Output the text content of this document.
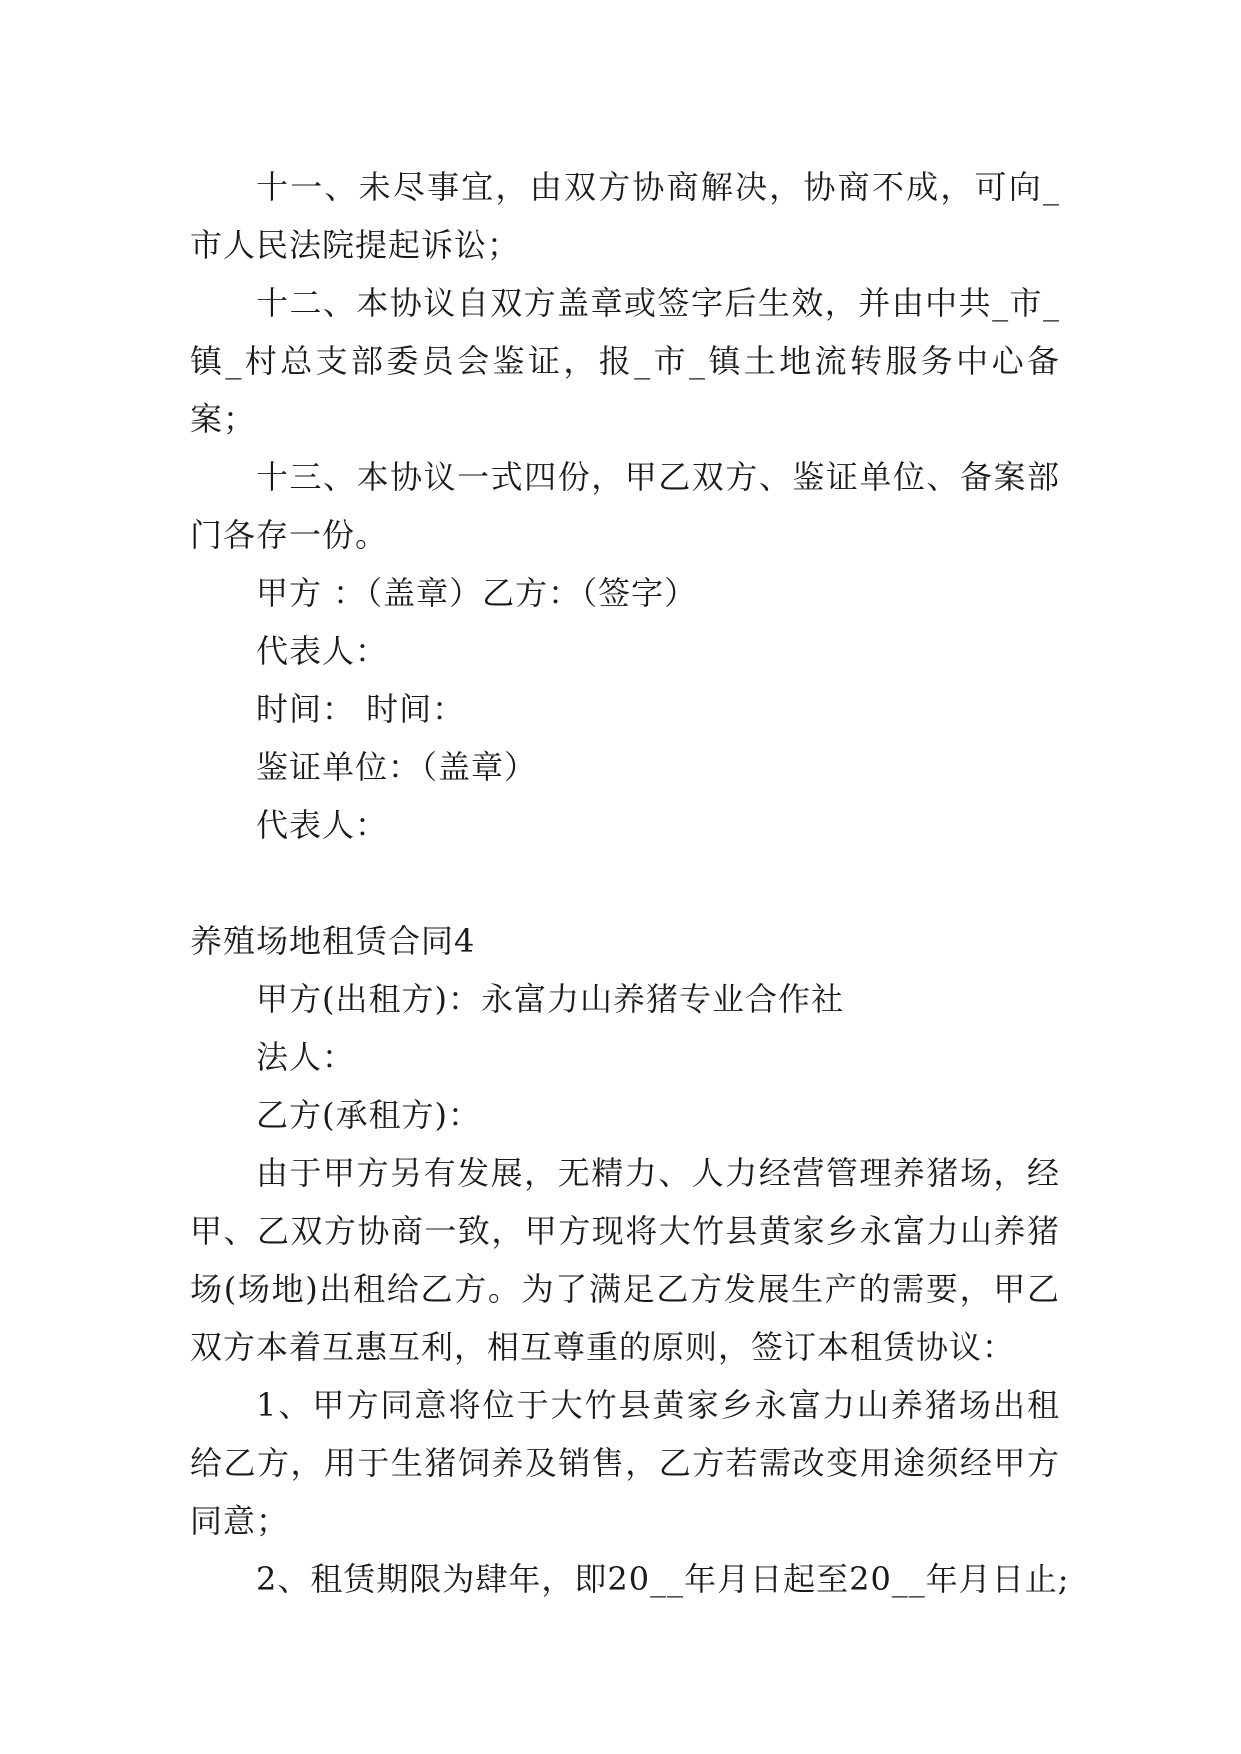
十一、未尽事宜，由双方协商解决，协商不成，可向_市人民法院提起诉讼；

十二、本协议自双方盖章或签字后生效，并由中共_市_镇_村总支部委员会鉴证，报_市_镇土地流转服务中心备案；

十三、本协议一式四份，甲乙双方、鉴证单位、备案部门各存一份。

甲方 ：（盖章）乙方：（签字）

代表人：

时间： 时间：

鉴证单位：（盖章）

代表人：

养殖场地租赁合同4

甲方(出租方)：永富力山养猪专业合作社

法人：

乙方(承租方)：

由于甲方另有发展，无精力、人力经营管理养猪场，经甲、乙双方协商一致，甲方现将大竹县黄家乡永富力山养猪场(场地)出租给乙方。为了满足乙方发展生产的需要，甲乙双方本着互惠互利，相互尊重的原则，签订本租赁协议：

1、甲方同意将位于大竹县黄家乡永富力山养猪场出租给乙方，用于生猪饲养及销售，乙方若需改变用途须经甲方同意；

2、租赁期限为肆年，即20__年月日起至20__年月日止;
